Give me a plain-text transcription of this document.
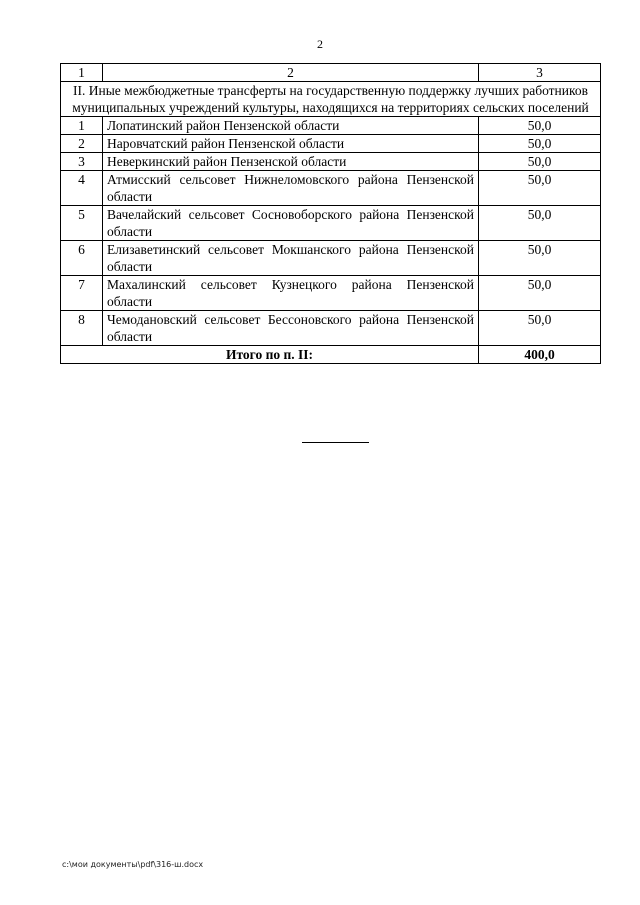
2
1	2	3
II. Иные межбюджетные трансферты на государственную поддержку лучших работников муниципальных учреждений культуры, находящихся на территориях сельских поселений		
1	Лопатинский район Пензенской области	50,0
2	Наровчатский район Пензенской области	50,0
3	Неверкинский район Пензенской области	50,0
4	Атмисский сельсовет Нижнеломовского района Пензенской области	50,0
5	Вачелайский сельсовет Сосновоборского района Пензенской области	50,0
6	Елизаветинский сельсовет Мокшанского района Пензенской области	50,0
7	Махалинский сельсовет Кузнецкого района Пензенской области	50,0
8	Чемодановский сельсовет Бессоновского района Пензенской области	50,0
Итого по п. II:		400,0
c:\мои документы\pdf\316-ш.docx
